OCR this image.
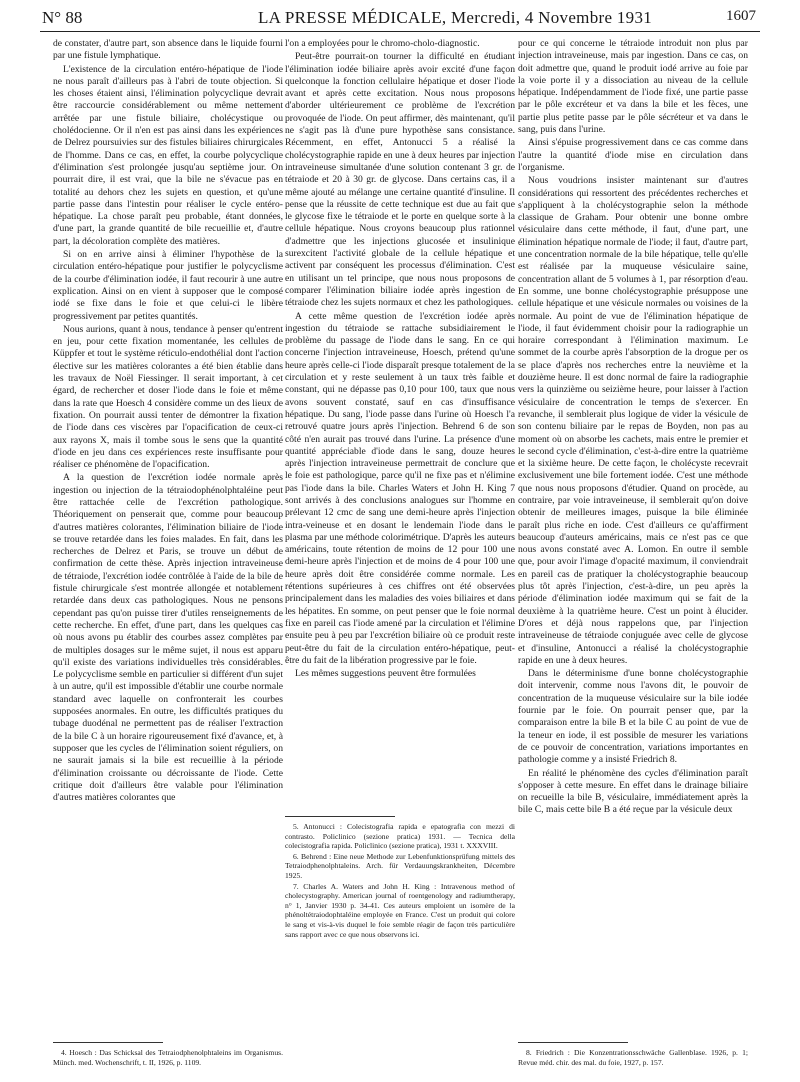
N° 88	LA PRESSE MÉDICALE, Mercredi, 4 Novembre 1931	1607

de constater, d'autre part, son absence dans le liquide fourni par une fistule lymphatique.

L'existence de la circulation entéro-hépatique de l'iode ne nous paraît d'ailleurs pas à l'abri de toute objection. Si les choses étaient ainsi, l'élimination polycyclique devrait être raccourcie considérablement ou même nettement arrêtée par une fistule biliaire, cholécystique ou cholédocienne. Or il n'en est pas ainsi dans les expériences de Delrez poursuivies sur des fistules biliaires chirurgicales de l'homme. Dans ce cas, en effet, la courbe polycyclique d'élimination s'est prolongée jusqu'au septième jour. On pourrait dire, il est vrai, que la bile ne s'évacue pas en totalité au dehors chez les sujets en question, et qu'une partie passe dans l'intestin pour réaliser le cycle entéro-hépatique. La chose paraît peu probable, étant données, d'une part, la grande quantité de bile recueillie et, d'autre part, la décoloration complète des matières.

Si on en arrive ainsi à éliminer l'hypothèse de la circulation entéro-hépatique pour justifier le polycyclisme de la courbe d'élimination iodée, il faut recourir à une autre explication. Ainsi on en vient à supposer que le composé iodé se fixe dans le foie et que celui-ci le libère progressivement par petites quantités.

Nous aurions, quant à nous, tendance à penser qu'entrent en jeu, pour cette fixation momentanée, les cellules de Küppfer et tout le système réticulo-endothélial dont l'action élective sur les matières colorantes a été bien établie dans les travaux de Noël Fiessinger. Il serait important, à cet égard, de rechercher et doser l'iode dans le foie et même dans la rate que Hoesch 4 considère comme un des lieux de fixation. On pourrait aussi tenter de démontrer la fixation de l'iode dans ces viscères par l'opacification de ceux-ci aux rayons X, mais il tombe sous le sens que la quantité d'iode en jeu dans ces expériences reste insuffisante pour réaliser ce phénomène de l'opacification.

A la question de l'excrétion iodée normale après ingestion ou injection de la tétraiodophénolphtaléine peut être rattachée celle de l'excrétion pathologique. Théoriquement on penserait que, comme pour beaucoup d'autres matières colorantes, l'élimination biliaire de l'iode se trouve retardée dans les foies malades. En fait, dans les recherches de Delrez et Paris, se trouve un début de confirmation de cette thèse. Après injection intraveineuse de tétraiode, l'excrétion iodée contrôlée à l'aide de la bile de fistule chirurgicale s'est montrée allongée et notablement retardée dans deux cas pathologiques. Nous ne pensons cependant pas qu'on puisse tirer d'utiles renseignements de cette recherche. En effet, d'une part, dans les quelques cas où nous avons pu établir des courbes assez complètes par de multiples dosages sur le même sujet, il nous est apparu qu'il existe des variations individuelles très considérables. Le polycyclisme semble en particulier si différent d'un sujet à un autre, qu'il est impossible d'établir une courbe normale standard avec laquelle on confronterait les courbes supposées anormales. En outre, les difficultés pratiques du tubage duodénal ne permettent pas de réaliser l'extraction de la bile C à un horaire rigoureusement fixé d'avance, et, à supposer que les cycles de l'élimination soient réguliers, on ne saurait jamais si la bile est recueillie à la période d'élimination croissante ou décroissante de l'iode. Cette critique doit d'ailleurs être valable pour l'élimination d'autres matières colorantes que

4. Hoesch : Das Schicksal des Tetraiodphenolphtaleins im Organismus. Münch. med. Wochenschrift, t. II, 1926, p. 1109.

l'on a employées pour le chromo-cholo-diagnostic.

Peut-être pourrait-on tourner la difficulté en étudiant l'élimination iodée biliaire après avoir excité d'une façon quelconque la fonction cellulaire hépatique et doser l'iode avant et après cette excitation. Nous nous proposons d'aborder ultérieurement ce problème de l'excrétion provoquée de l'iode. On peut affirmer, dès maintenant, qu'il ne s'agit pas là d'une pure hypothèse sans consistance. Récemment, en effet, Antonucci 5 a réalisé la cholécystographie rapide en une à deux heures par injection intraveineuse simultanée d'une solution contenant 3 gr. de tétraiode et 20 à 30 gr. de glycose. Dans certains cas, il a même ajouté au mélange une certaine quantité d'insuline. Il pense que la réussite de cette technique est due au fait que le glycose fixe le tétraiode et le porte en quelque sorte à la cellule hépatique. Nous croyons beaucoup plus rationnel d'admettre que les injections glucosée et insulinique surexcitent l'activité globale de la cellule hépatique et activent par conséquent les processus d'élimination. C'est en utilisant un tel principe, que nous nous proposons de comparer l'élimination biliaire iodée après ingestion de tétraiode chez les sujets normaux et chez les pathologiques.

A cette même question de l'excrétion iodée après ingestion du tétraiode se rattache subsidiairement le problème du passage de l'iode dans le sang. En ce qui concerne l'injection intraveineuse, Hoesch, prétend qu'une heure après celle-ci l'iode disparaît presque totalement de la circulation et y reste seulement à un taux très faible et constant, qui ne dépasse pas 0,10 pour 100, taux que nous avons souvent constaté, sauf en cas d'insuffisance hépatique. Du sang, l'iode passe dans l'urine où Hoesch l'a retrouvé quatre jours après l'injection. Behrend 6 de son côté n'en aurait pas trouvé dans l'urine. La présence d'une quantité appréciable d'iode dans le sang, douze heures après l'injection intraveineuse permettrait de conclure que le foie est pathologique, parce qu'il ne fixe pas et n'élimine pas l'iode dans la bile. Charles Waters et John H. King 7 sont arrivés à des conclusions analogues sur l'homme en prélevant 12 cmc de sang une demi-heure après l'injection intra-veineuse et en dosant le lendemain l'iode dans le plasma par une méthode colorimétrique. D'après les auteurs américains, toute rétention de moins de 12 pour 100 une demi-heure après l'injection et de moins de 4 pour 100 une heure après doit être considérée comme normale. Les rétentions supérieures à ces chiffres ont été observées principalement dans les maladies des voies biliaires et dans les hépatites. En somme, on peut penser que le foie normal fixe en pareil cas l'iode amené par la circulation et l'élimine ensuite peu à peu par l'excrétion biliaire où ce produit reste peut-être du fait de la circulation entéro-hépatique, peut-être du fait de la libération progressive par le foie.

Les mêmes suggestions peuvent être formulées

5. Antonucci : Colecistografia rapida e epatografia con mezzi di contrasto. Policlinico (sezione pratica) 1931. — Tecnica della colecistografia rapida. Policlinico (sezione pratica), 1931 t. XXXVIII.

6. Behrend : Eine neue Methode zur Lebenfunktionsprüfung mittels des Tetraiodphenolphtaleins. Arch. für Verdauungskrankheiten, Décembre 1925.

7. Charles A. Waters and John H. King : Intravenous method of cholecystography. American journal of roentgenology and radiumtherapy, n° 1, Janvier 1930 p. 34-41. Ces auteurs emploient un isomère de la phénoltétraiodophtaléine employée en France. C'est un produit qui colore le sang et vis-à-vis duquel le foie semble réagir de façon très particulière sans rapport avec ce que nous observons ici.

pour ce qui concerne le tétraiode introduit non plus par injection intraveineuse, mais par ingestion. Dans ce cas, on doit admettre que, quand le produit iodé arrive au foie par la voie porte il y a dissociation au niveau de la cellule hépatique. Indépendamment de l'iode fixé, une partie passe par le pôle excréteur et va dans la bile et les fèces, une partie plus petite passe par le pôle sécréteur et va dans le sang, puis dans l'urine.

Ainsi s'épuise progressivement dans ce cas comme dans l'autre la quantité d'iode mise en circulation dans l'organisme.

Nous voudrions insister maintenant sur d'autres considérations qui ressortent des précédentes recherches et s'appliquent à la cholécystographie selon la méthode classique de Graham. Pour obtenir une bonne ombre vésiculaire dans cette méthode, il faut, d'une part, une élimination hépatique normale de l'iode; il faut, d'autre part, une concentration normale de la bile hépatique, telle qu'elle est réalisée par la muqueuse vésiculaire saine, concentration allant de 5 volumes à 1, par résorption d'eau. En somme, une bonne cholécystographie présuppose une cellule hépatique et une vésicule normales ou voisines de la normale. Au point de vue de l'élimination hépatique de l'iode, il faut évidemment choisir pour la radiographie un horaire correspondant à l'élimination maximum. Le sommet de la courbe après l'absorption de la drogue per os se place d'après nos recherches entre la neuvième et la douzième heure. Il est donc normal de faire la radiographie vers la quinzième ou seizième heure, pour laisser à l'action vésiculaire de concentration le temps de s'exercer. En revanche, il semblerait plus logique de vider la vésicule de son contenu biliaire par le repas de Boyden, non pas au moment où on absorbe les cachets, mais entre le premier et le second cycle d'élimination, c'est-à-dire entre la quatrième et la sixième heure. De cette façon, le cholécyste recevrait exclusivement une bile fortement iodée. C'est une méthode que nous nous proposons d'étudier. Quand on procède, au contraire, par voie intraveineuse, il semblerait qu'on doive obtenir de meilleures images, puisque la bile éliminée paraît plus riche en iode. C'est d'ailleurs ce qu'affirment beaucoup d'auteurs américains, mais ce n'est pas ce que nous avons constaté avec A. Lomon. En outre il semble que, pour avoir l'image d'opacité maximum, il conviendrait en pareil cas de pratiquer la cholécystographie beaucoup plus tôt après l'injection, c'est-à-dire, un peu après la période d'élimination iodée maximum qui se fait de la deuxième à la quatrième heure. C'est un point à élucider. D'ores et déjà nous rappelons que, par l'injection intraveineuse de tétraiode conjuguée avec celle de glycose et d'insuline, Antonucci a réalisé la cholécystographie rapide en une à deux heures.

Dans le déterminisme d'une bonne cholécystographie doit intervenir, comme nous l'avons dit, le pouvoir de concentration de la muqueuse vésiculaire sur la bile iodée fournie par le foie. On pourrait penser que, par la comparaison entre la bile B et la bile C au point de vue de la teneur en iode, il est possible de mesurer les variations de ce pouvoir de concentration, variations importantes en pathologie comme y a insisté Friedrich 8.

En réalité le phénomène des cycles d'élimination paraît s'opposer à cette mesure. En effet dans le drainage biliaire on recueille la bile B, vésiculaire, immédiatement après la bile C, mais cette bile B a été reçue par la vésicule deux

8. Friedrich : Die Konzentrationsschwäche Gallenblase. 1926, p. 1; Revue méd. chir. des mal. du foie, 1927, p. 157.
